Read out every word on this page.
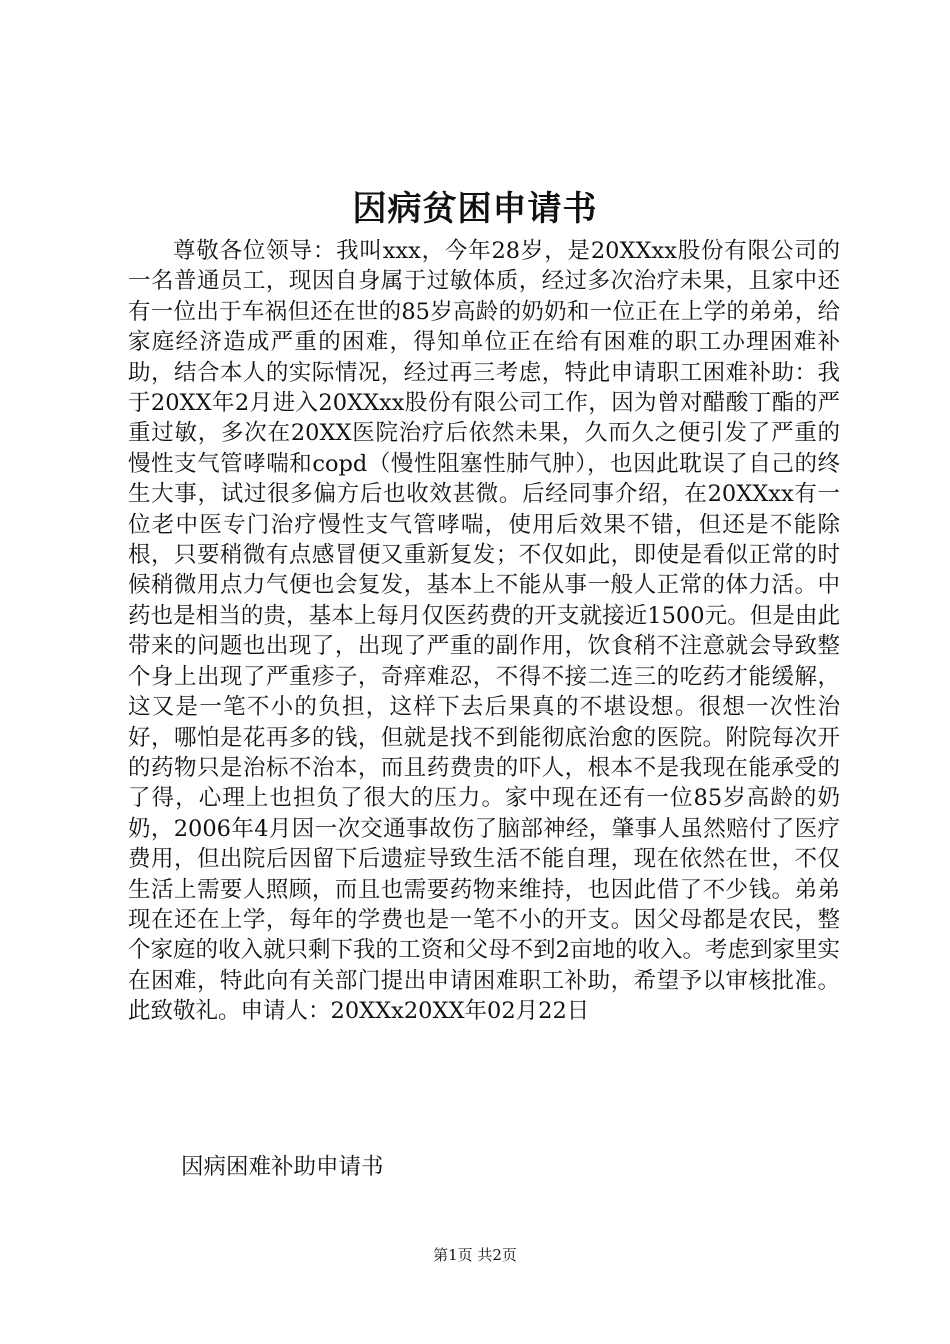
因病贫困申请书

尊敬各位领导：我叫xxx，今年28岁，是20XXxx股份有限公司的一名普通员工，现因自身属于过敏体质，经过多次治疗未果，且家中还有一位出于车祸但还在世的85岁高龄的奶奶和一位正在上学的弟弟，给家庭经济造成严重的困难，得知单位正在给有困难的职工办理困难补助，结合本人的实际情况，经过再三考虑，特此申请职工困难补助：我于20XX年2月进入20XXxx股份有限公司工作，因为曾对醋酸丁酯的严重过敏，多次在20XX医院治疗后依然未果，久而久之便引发了严重的慢性支气管哮喘和copd（慢性阻塞性肺气肿），也因此耽误了自己的终生大事，试过很多偏方后也收效甚微。后经同事介绍，在20XXxx有一位老中医专门治疗慢性支气管哮喘，使用后效果不错，但还是不能除根，只要稍微有点感冒便又重新复发；不仅如此，即使是看似正常的时候稍微用点力气便也会复发，基本上不能从事一般人正常的体力活。中药也是相当的贵，基本上每月仅医药费的开支就接近1500元。但是由此带来的问题也出现了，出现了严重的副作用，饮食稍不注意就会导致整个身上出现了严重疹子，奇痒难忍，不得不接二连三的吃药才能缓解，这又是一笔不小的负担，这样下去后果真的不堪设想。很想一次性治好，哪怕是花再多的钱，但就是找不到能彻底治愈的医院。附院每次开的药物只是治标不治本，而且药费贵的吓人，根本不是我现在能承受的了得，心理上也担负了很大的压力。家中现在还有一位85岁高龄的奶奶，2006年4月因一次交通事故伤了脑部神经，肇事人虽然赔付了医疗费用，但出院后因留下后遗症导致生活不能自理，现在依然在世，不仅生活上需要人照顾，而且也需要药物来维持，也因此借了不少钱。弟弟现在还在上学，每年的学费也是一笔不小的开支。因父母都是农民，整个家庭的收入就只剩下我的工资和父母不到2亩地的收入。考虑到家里实在困难，特此向有关部门提出申请困难职工补助，希望予以审核批准。此致敬礼。申请人：20XXx20XX年02月22日

因病困难补助申请书
第1页 共2页
